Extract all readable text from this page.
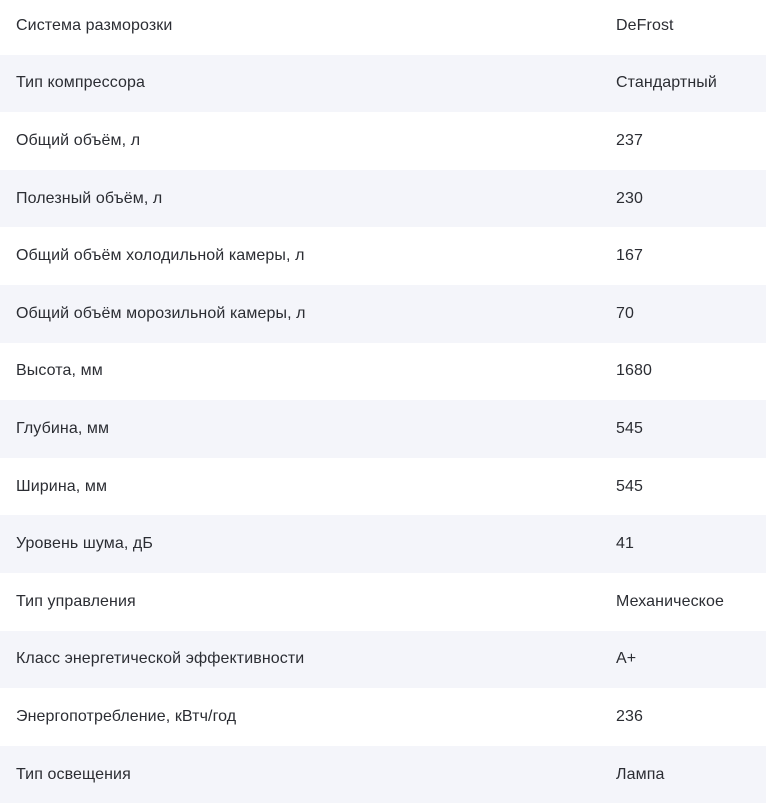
Система разморозки	DeFrost
Тип компрессора	Стандартный
Общий объём, л	237
Полезный объём, л	230
Общий объём холодильной камеры, л	167
Общий объём морозильной камеры, л	70
Высота, мм	1680
Глубина, мм	545
Ширина, мм	545
Уровень шума, дБ	41
Тип управления	Механическое
Класс энергетической эффективности	A+
Энергопотребление, кВтч/год	236
Тип освещения	Лампа
